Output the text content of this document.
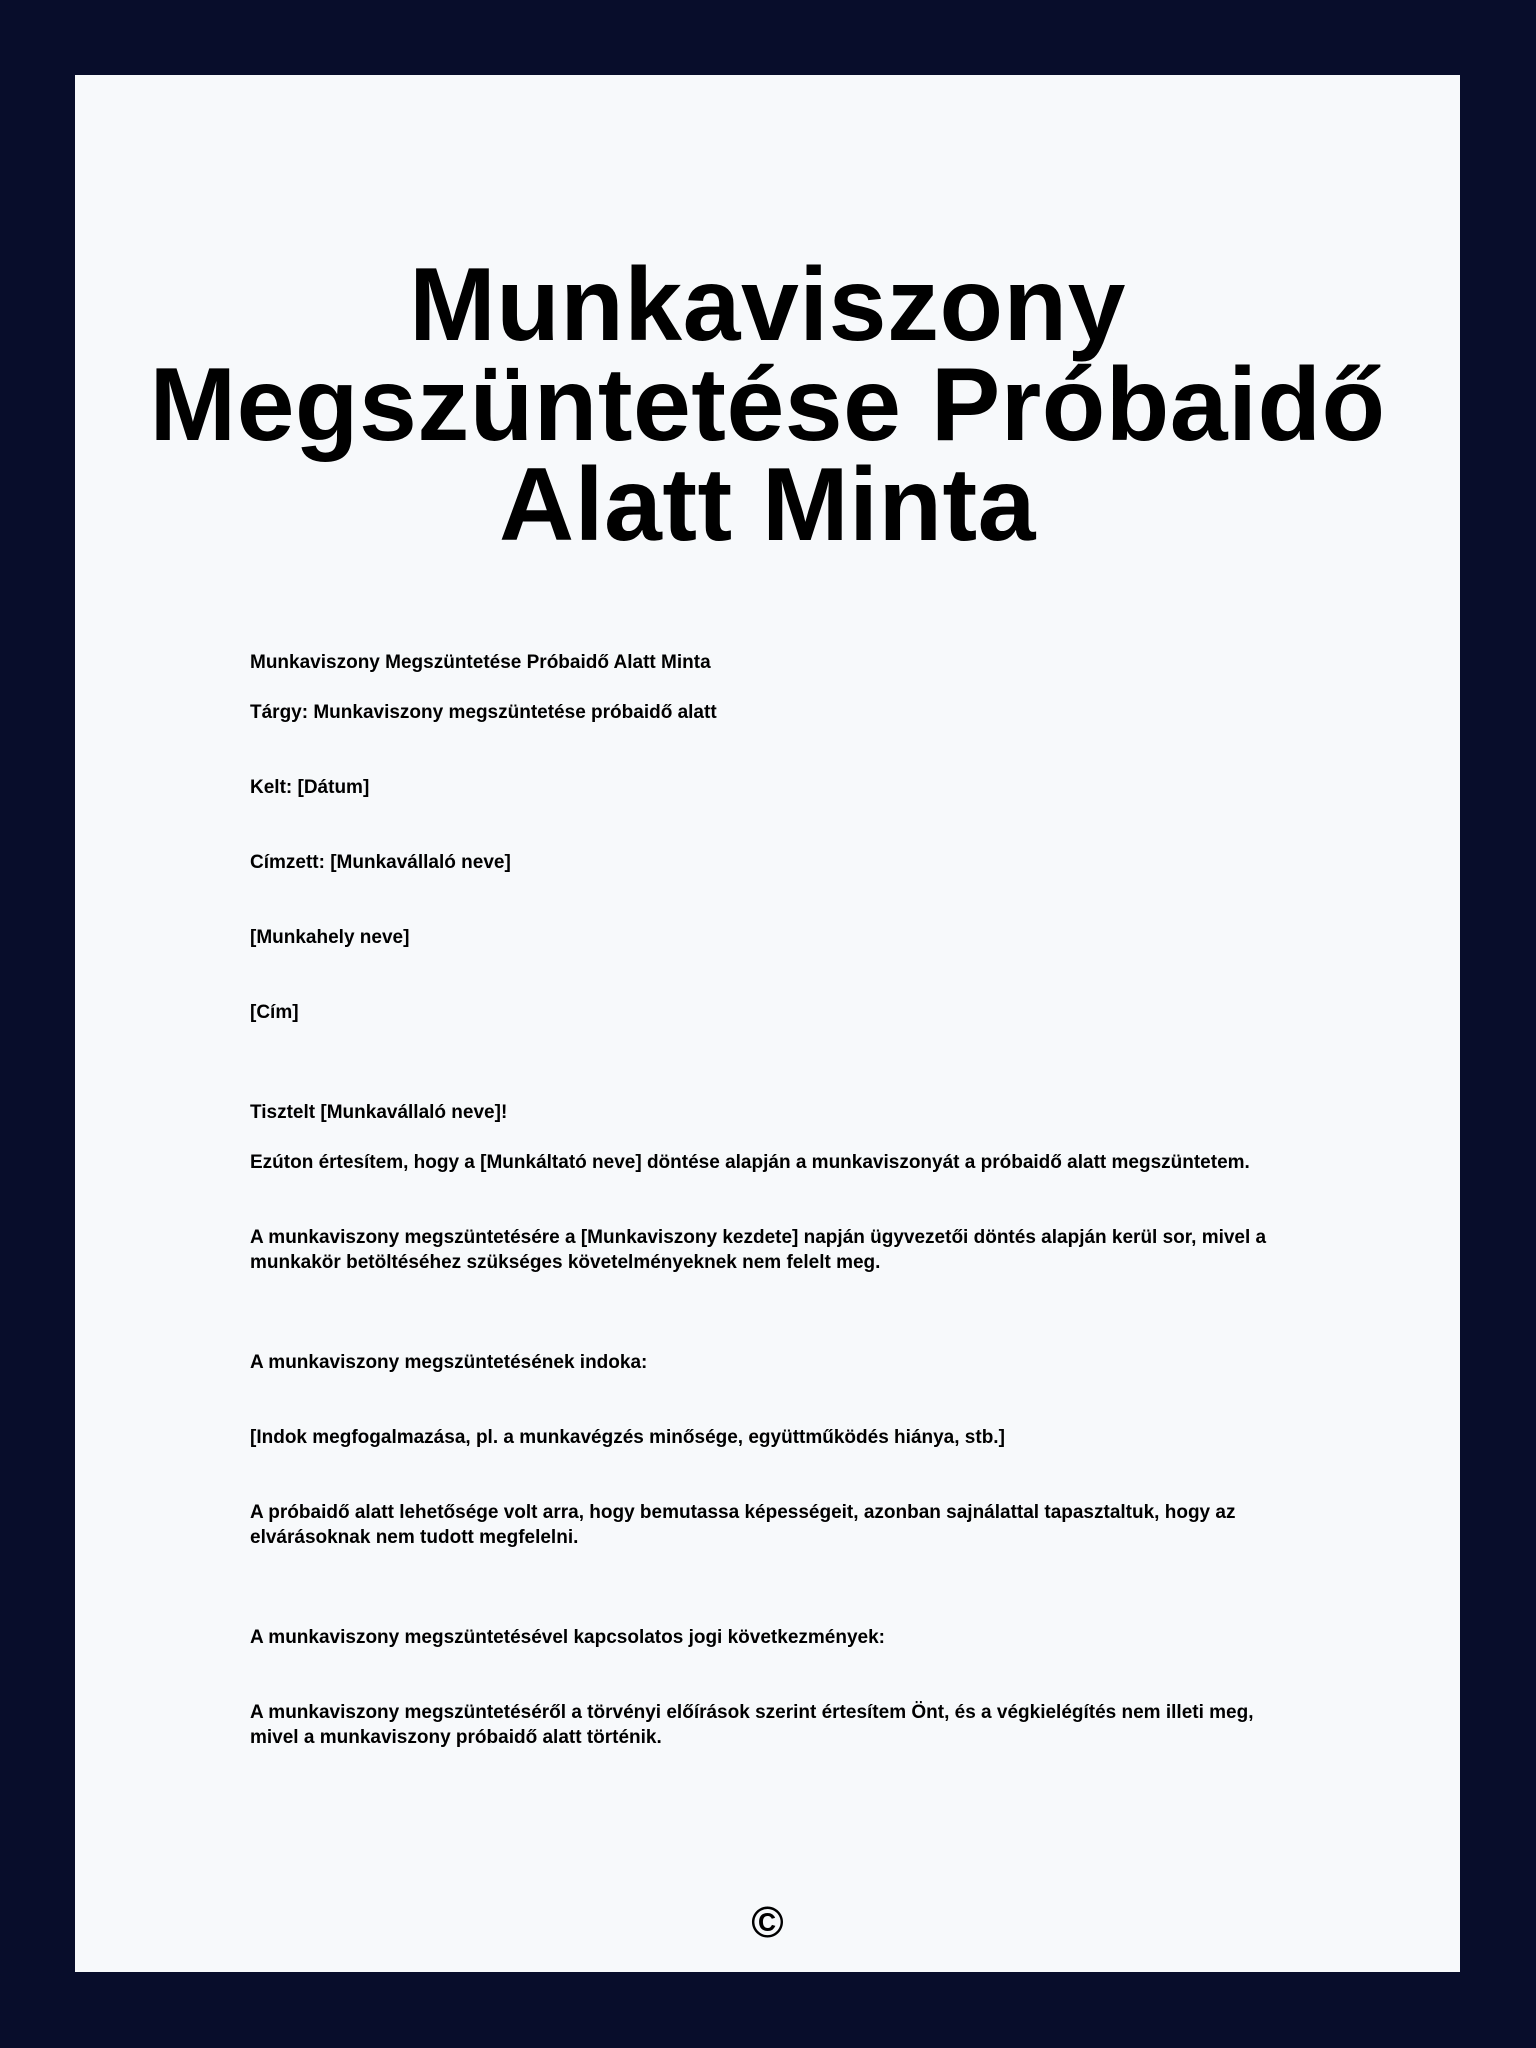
Munkaviszony Megszüntetése Próbaidő Alatt Minta

Munkaviszony Megszüntetése Próbaidő Alatt Minta

Tárgy: Munkaviszony megszüntetése próbaidő alatt

Kelt: [Dátum]

Címzett: [Munkavállaló neve]

[Munkahely neve]

[Cím]

Tisztelt [Munkavállaló neve]!

Ezúton értesítem, hogy a [Munkáltató neve] döntése alapján a munkaviszonyát a próbaidő alatt megszüntetem.

A munkaviszony megszüntetésére a [Munkaviszony kezdete] napján ügyvezetői döntés alapján kerül sor, mivel a munkakör betöltéséhez szükséges követelményeknek nem felelt meg.

A munkaviszony megszüntetésének indoka:

[Indok megfogalmazása, pl. a munkavégzés minősége, együttműködés hiánya, stb.]

A próbaidő alatt lehetősége volt arra, hogy bemutassa képességeit, azonban sajnálattal tapasztaltuk, hogy az elvárásoknak nem tudott megfelelni.

A munkaviszony megszüntetésével kapcsolatos jogi következmények:

A munkaviszony megszüntetéséről a törvényi előírások szerint értesítem Önt, és a végkielégítés nem illeti meg, mivel a munkaviszony próbaidő alatt történik.

©
